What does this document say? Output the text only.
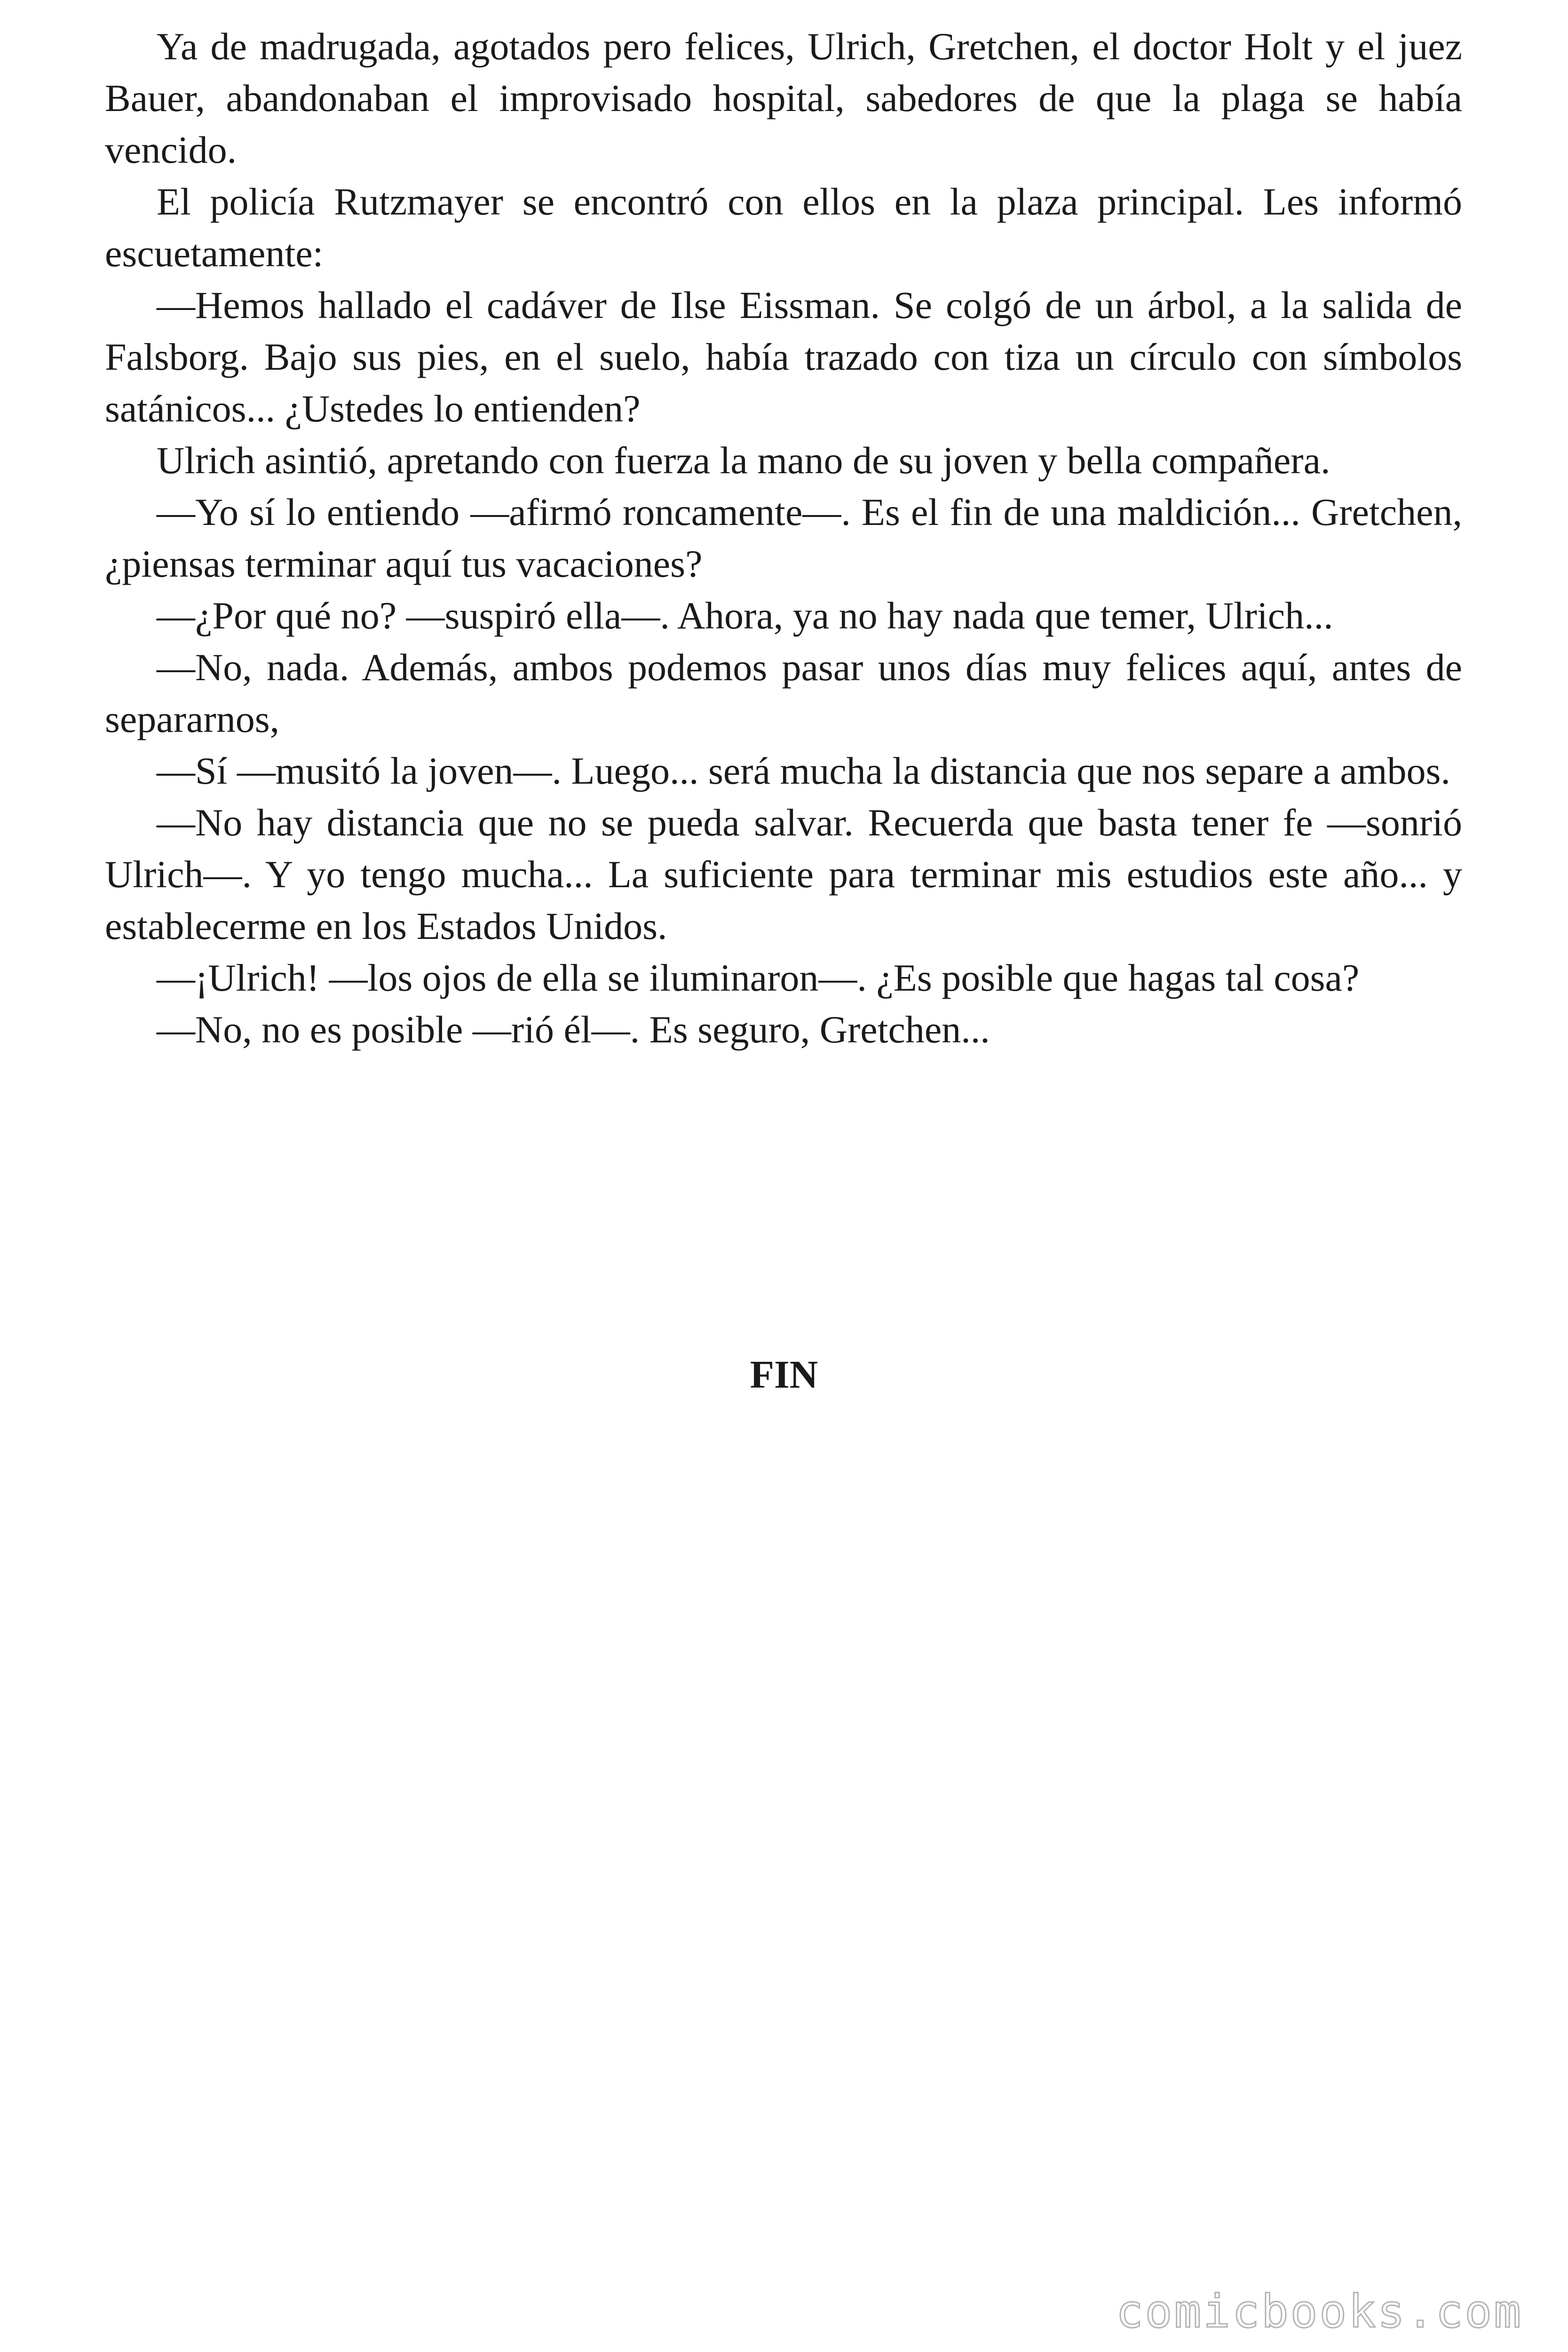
Ya de madrugada, agotados pero felices, Ulrich, Gretchen, el doctor Holt y el juez Bauer, abandonaban el improvisado hospital, sabedores de que la plaga se había vencido.

El policía Rutzmayer se encontró con ellos en la plaza principal. Les informó escuetamente:

—Hemos hallado el cadáver de Ilse Eissman. Se colgó de un árbol, a la salida de Falsborg. Bajo sus pies, en el suelo, había trazado con tiza un círculo con símbolos satánicos... ¿Ustedes lo entienden?

Ulrich asintió, apretando con fuerza la mano de su joven y bella compañera.

—Yo sí lo entiendo —afirmó roncamente—. Es el fin de una maldición... Gretchen, ¿piensas terminar aquí tus vacaciones?

—¿Por qué no? —suspiró ella—. Ahora, ya no hay nada que temer, Ulrich...

—No, nada. Además, ambos podemos pasar unos días muy felices aquí, antes de separarnos,

—Sí —musitó la joven—. Luego... será mucha la distancia que nos separe a ambos.

—No hay distancia que no se pueda salvar. Recuerda que basta tener fe —sonrió Ulrich—. Y yo tengo mucha... La suficiente para terminar mis estudios este año... y establecerme en los Estados Unidos.

—¡Ulrich! —los ojos de ella se iluminaron—. ¿Es posible que hagas tal cosa?

—No, no es posible —rió él—. Es seguro, Gretchen...

FIN
comicbooks.com
